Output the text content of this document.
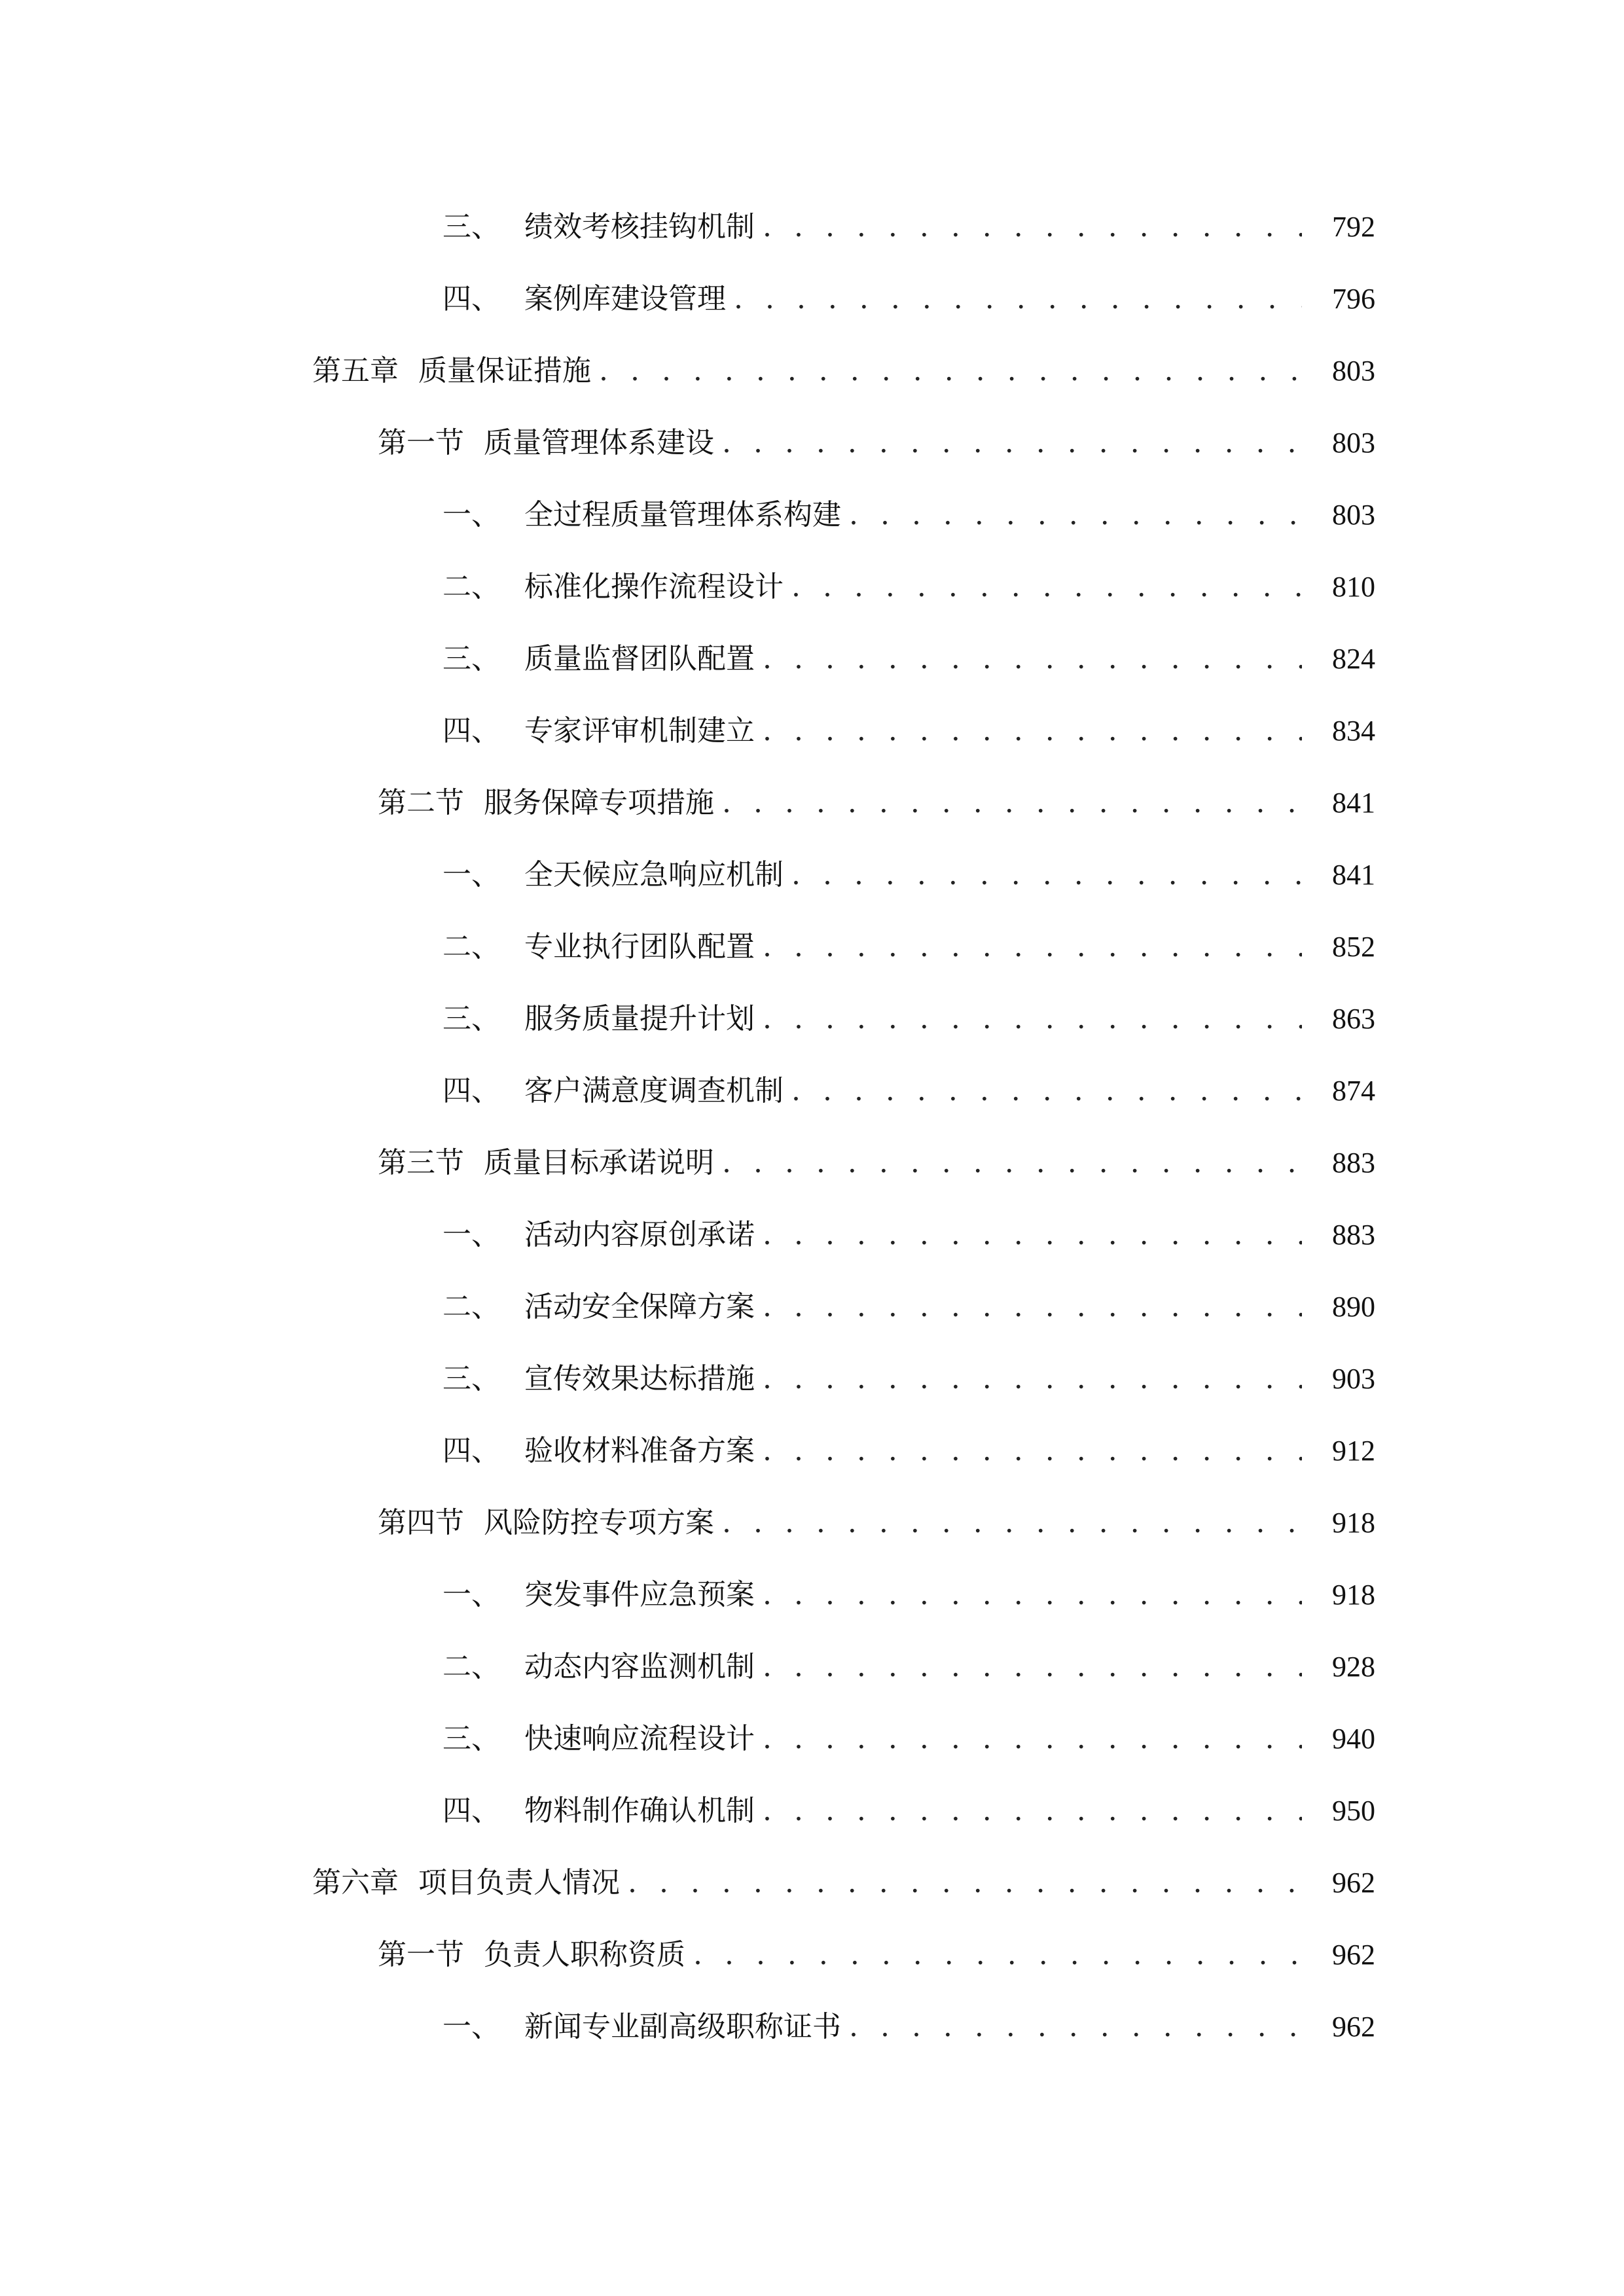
三、 绩效考核挂钩机制 . . .	792
四、 案例库建设管理 . . .	796
第五章 质量保证措施 . . .	803
第一节 质量管理体系建设 . . .	803
一、 全过程质量管理体系构建 . . .	803
二、 标准化操作流程设计 . . .	810
三、 质量监督团队配置 . . .	824
四、 专家评审机制建立 . . .	834
第二节 服务保障专项措施 . . .	841
一、 全天候应急响应机制 . . .	841
二、 专业执行团队配置 . . .	852
三、 服务质量提升计划 . . .	863
四、 客户满意度调查机制 . . .	874
第三节 质量目标承诺说明 . . .	883
一、 活动内容原创承诺 . . .	883
二、 活动安全保障方案 . . .	890
三、 宣传效果达标措施 . . .	903
四、 验收材料准备方案 . . .	912
第四节 风险防控专项方案 . . .	918
一、 突发事件应急预案 . . .	918
二、 动态内容监测机制 . . .	928
三、 快速响应流程设计 . . .	940
四、 物料制作确认机制 . . .	950
第六章 项目负责人情况 . . .	962
第一节 负责人职称资质 . . .	962
一、 新闻专业副高级职称证书 . . .	962
